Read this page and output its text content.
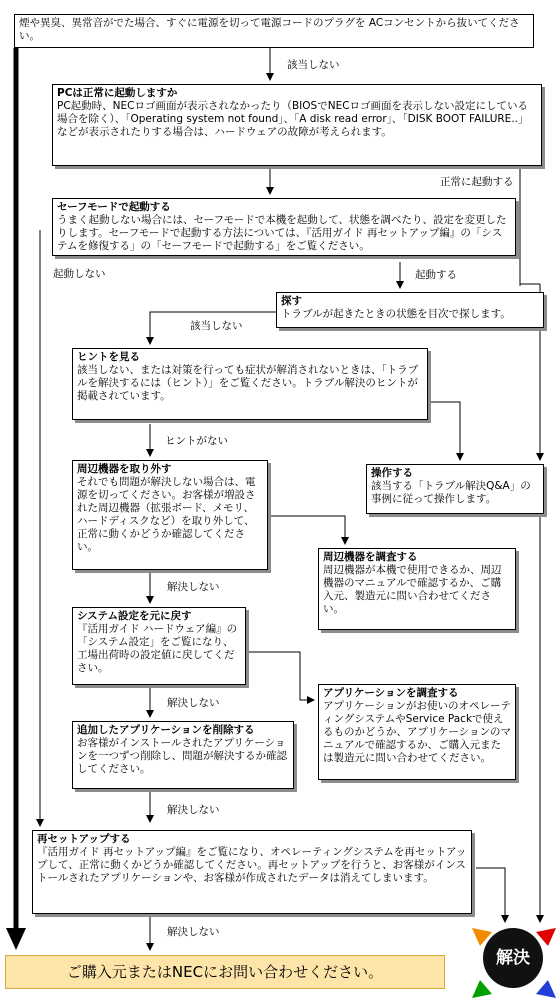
煙や異臭、異常音がでた場合、すぐに電源を切って電源コードのプラグを ACコンセントから抜いてください。
PCは正常に起動しますか
PC起動時、NECロゴ画面が表示されなかったり（BIOSでNECロゴ画面を表示しない設定にしている場合を除く）、「Operating system not found」、「A disk read error」、「DISK BOOT FAILURE..」などが表示されたりする場合は、ハードウェアの故障が考えられます。
セーフモードで起動する
うまく起動しない場合には、セーフモードで本機を起動して、状態を調べたり、設定を変更したりします。セーフモードで起動する方法については、『活用ガイド 再セットアップ編』の「システムを修復する」の「セーフモードで起動する」をご覧ください。
探す
トラブルが起きたときの状態を目次で探します。
ヒントを見る
該当しない、または対策を行っても症状が解消されないときは、「トラブルを解決するには（ヒント）」をご覧ください。トラブル解決のヒントが掲載されています。
操作する
該当する「トラブル解決Q&A」の事例に従って操作します。
周辺機器を取り外す
それでも問題が解決しない場合は、電源を切ってください。お客様が増設された周辺機器（拡張ボード、メモリ、ハードディスクなど）を取り外して、正常に動くかどうか確認してください。
周辺機器を調査する
周辺機器が本機で使用できるか、周辺機器のマニュアルで確認するか、ご購入元、製造元に問い合わせてください。
システム設定を元に戻す
『活用ガイド ハードウェア編』の「システム設定」をご覧になり、工場出荷時の設定値に戻してください。
アプリケーションを調査する
アプリケーションがお使いのオペレーティングシステムやService Packで使えるものかどうか、アプリケーションのマニュアルで確認するか、ご購入元または製造元に問い合わせてください。
追加したアプリケーションを削除する
お客様がインストールされたアプリケーションを一つずつ削除し、問題が解決するか確認してください。
再セットアップする
『活用ガイド 再セットアップ編』をご覧になり、オペレーティングシステムを再セットアップして、正常に動くかどうか確認してください。再セットアップを行うと、お客様がインストールされたアプリケーションや、お客様が作成されたデータは消えてしまいます。
該当しない
正常に起動する
起動しない	起動する
該当しない
ヒントがない
解決しない
解決しない
解決しない
解決しない
ご購入元またはNECにお問い合わせください。
解決
